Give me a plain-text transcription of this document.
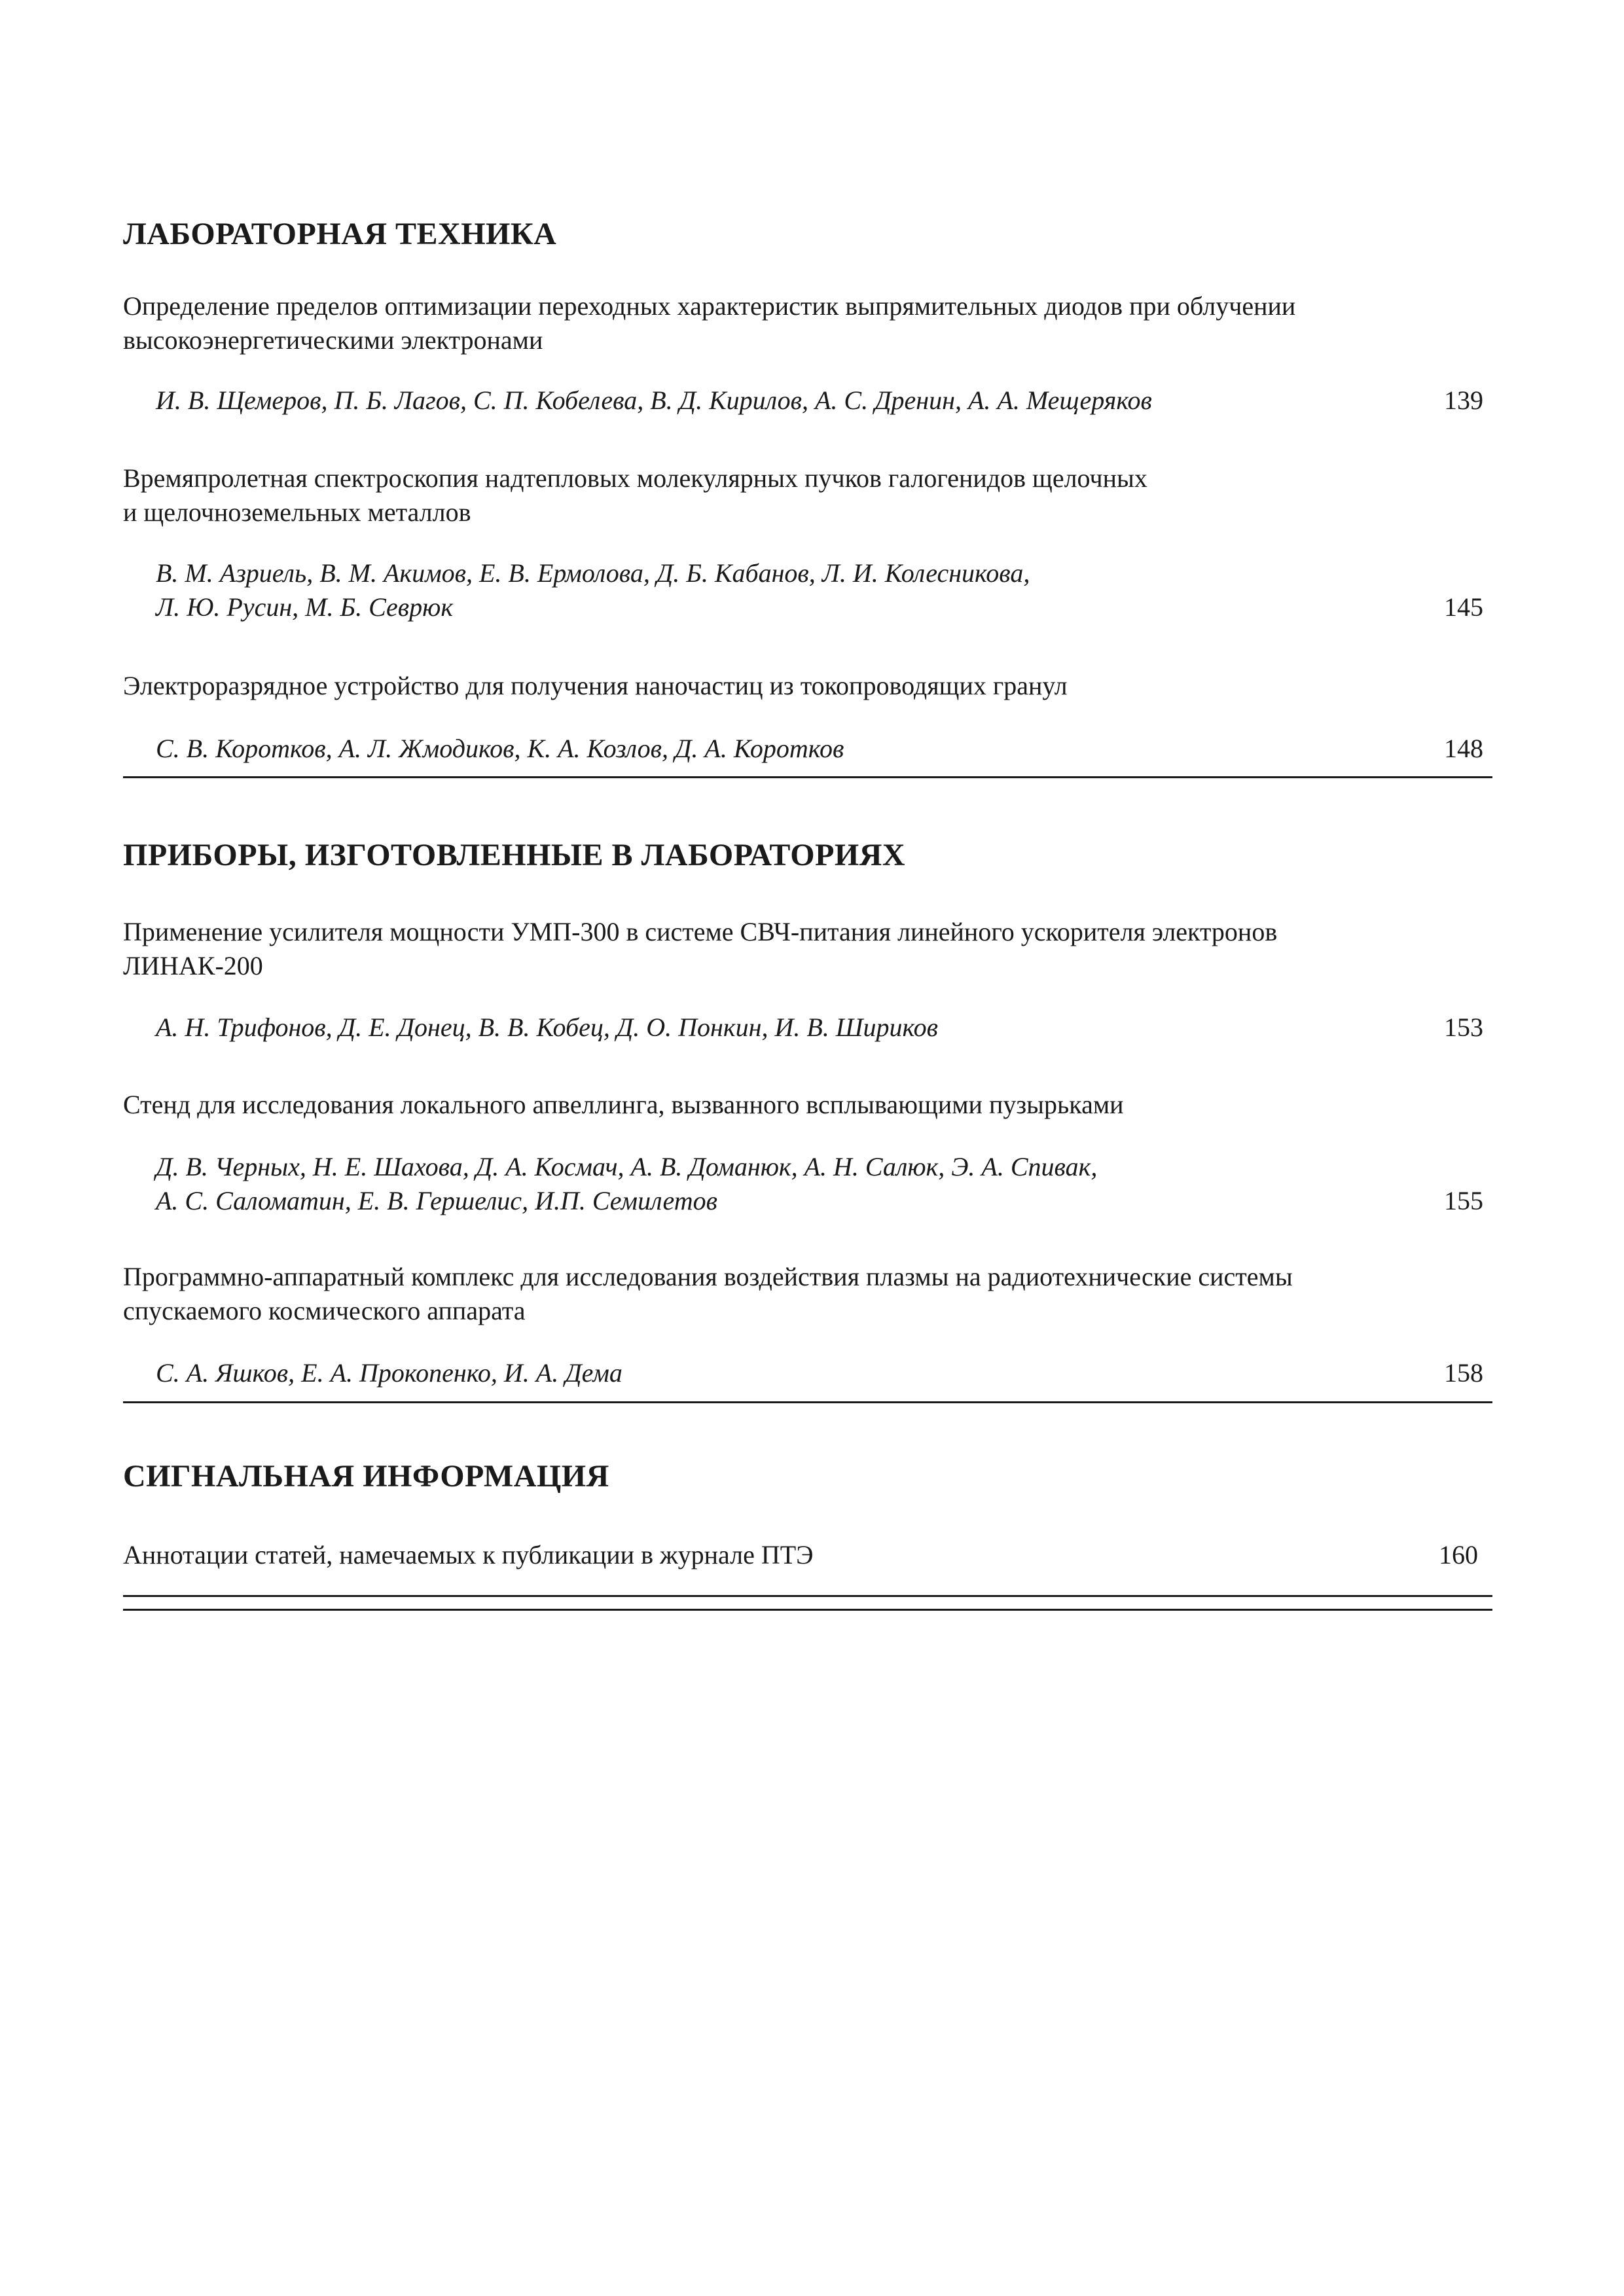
ЛАБОРАТОРНАЯ ТЕХНИКА

Определение пределов оптимизации переходных характеристик выпрямительных диодов при облучении
высокоэнергетическими электронами

И. В. Щемеров, П. Б. Лагов, С. П. Кобелева, В. Д. Кирилов, А. С. Дренин, А. А. Мещеряков	139

Времяпролетная спектроскопия надтепловых молекулярных пучков галогенидов щелочных
и щелочноземельных металлов

В. М. Азриель, В. М. Акимов, Е. В. Ермолова, Д. Б. Кабанов, Л. И. Колесникова,
Л. Ю. Русин, М. Б. Севрюк	145

Электроразрядное устройство для получения наночастиц из токопроводящих гранул

С. В. Коротков, А. Л. Жмодиков, К. А. Козлов, Д. А. Коротков	148
ПРИБОРЫ, ИЗГОТОВЛЕННЫЕ В ЛАБОРАТОРИЯХ

Применение усилителя мощности УМП-300 в системе СВЧ-питания линейного ускорителя электронов
ЛИНАК-200

А. Н. Трифонов, Д. Е. Донец, В. В. Кобец, Д. О. Понкин, И. В. Шириков	153

Стенд для исследования локального апвеллинга, вызванного всплывающими пузырьками

Д. В. Черных, Н. Е. Шахова, Д. А. Космач, А. В. Доманюк, А. Н. Салюк, Э. А. Спивак,
А. С. Саломатин, Е. В. Гершелис, И.П. Семилетов	155

Программно-аппаратный комплекс для исследования воздействия плазмы на радиотехнические системы
спускаемого космического аппарата

С. А. Яшков, Е. А. Прокопенко, И. А. Дема	158
СИГНАЛЬНАЯ ИНФОРМАЦИЯ
Аннотации статей, намечаемых к публикации в журнале ПТЭ	160
